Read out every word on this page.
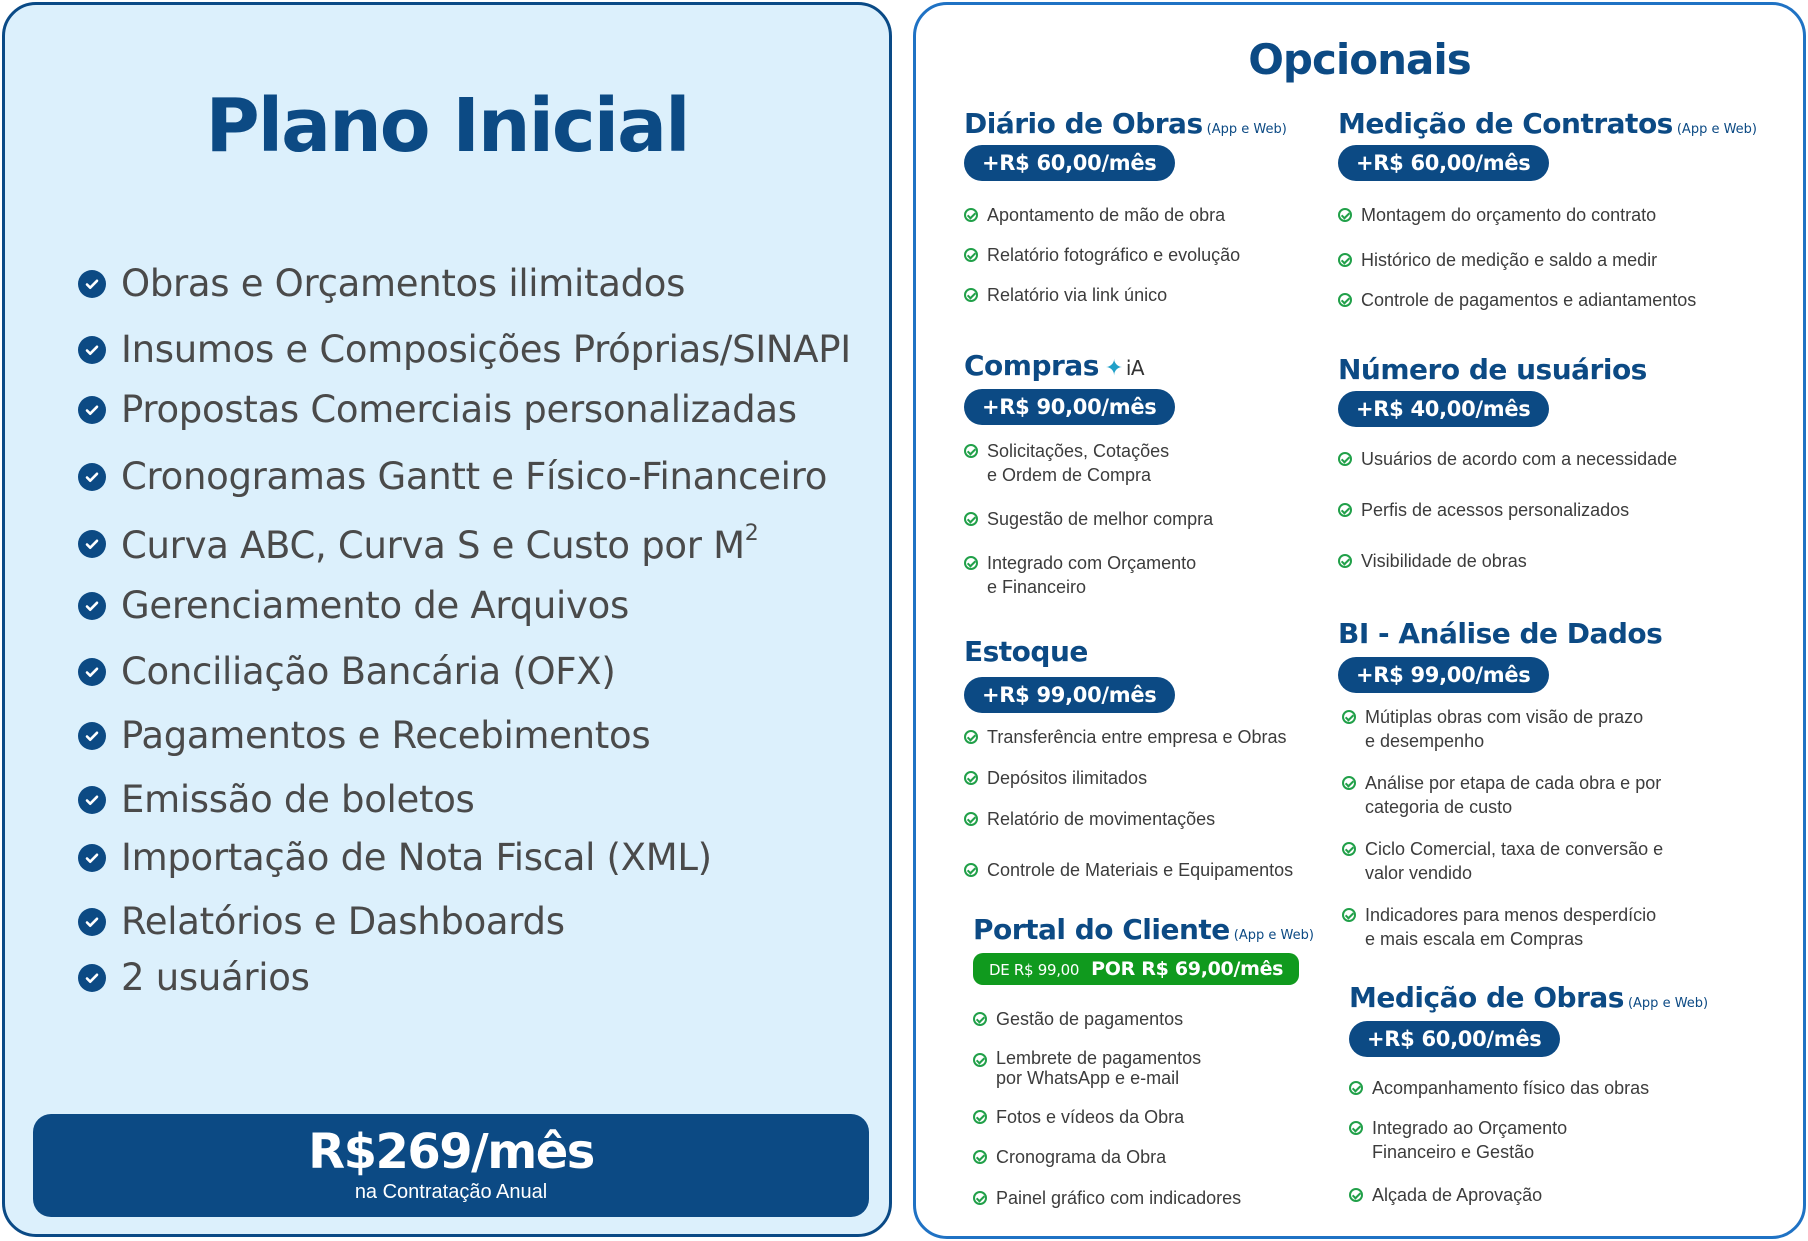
Plano Inicial
Obras e Orçamentos ilimitados
Insumos e Composições Próprias/SINAPI
Propostas Comerciais personalizadas
Cronogramas Gantt e Físico-Financeiro
Curva ABC, Curva S e Custo por $M^2$
Gerenciamento de Arquivos
Conciliação Bancária (OFX)
Pagamentos e Recebimentos
Emissão de boletos
Importação de Nota Fiscal (XML)
Relatórios e Dashboards
2 usuários
R$269/mês
na Contratação Anual
Opcionais
Diário de Obras (App e Web)
+R$ 60,00/mês
Apontamento de mão de obra
Relatório fotográfico e evolução
Relatório via link único
Medição de Contratos (App e Web)
+R$ 60,00/mês
Montagem do orçamento do contrato
Histórico de medição e saldo a medir
Controle de pagamentos e adiantamentos
Compras ✦ iA
+R$ 90,00/mês
Solicitações, Cotações
e Ordem de Compra
Sugestão de melhor compra
Integrado com Orçamento
e Financeiro
Número de usuários
+R$ 40,00/mês
Usuários de acordo com a necessidade
Perfis de acessos personalizados
Visibilidade de obras
Estoque
+R$ 99,00/mês
Transferência entre empresa e Obras
Depósitos ilimitados
Relatório de movimentações
Controle de Materiais e Equipamentos
BI - Análise de Dados
+R$ 99,00/mês
Mútiplas obras com visão de prazo
e desempenho
Análise por etapa de cada obra e por
categoria de custo
Ciclo Comercial, taxa de conversão e
valor vendido
Indicadores para menos desperdício
e mais escala em Compras
Portal do Cliente (App e Web)
DE R$ 99,00 POR R$ 69,00/mês
Gestão de pagamentos
Lembrete de pagamentos
por WhatsApp e e-mail
Fotos e vídeos da Obra
Cronograma da Obra
Painel gráfico com indicadores
Medição de Obras (App e Web)
+R$ 60,00/mês
Acompanhamento físico das obras
Integrado ao Orçamento
Financeiro e Gestão
Alçada de Aprovação
